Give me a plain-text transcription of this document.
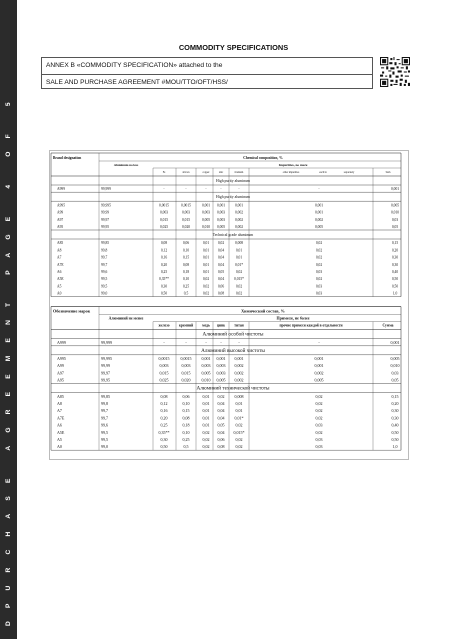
DPURCHASE AGREEMENT PAGE 4 OF 5
COMMODITY SPECIFICATIONS
ANNEX B «COMMODITY SPECIFICATION» attached to the
SALE AND PURCHASE AGREEMENT #MOU/TTO/OFT/HSS/
Brand designation	Chemical composition, %
Aluminum no less	Impurities, no more
Fe	silicon	copper	zinc	titanium	other impurities	each in	separately	Sum
High purity aluminum
A999	99,999	-	-	-	-	-	-	0,001
High purity aluminum
A995	99,995	0,0015	0,0015	0,001 0,001	0,001	0,001	0,005
A99	99,99	0,003	0,003	0,003 0,003	0,002	0,001	0,010
A97	99,97	0,015	0,015	0,005 0,003	0,002	0,002	0,03
A95	99,95	0,025	0,020	0,010 0,005	0,002	0,005	0,05
Technical grade aluminum
A85	99,85	0,08	0,06	0,01 0,02	0,008	0,02	0,15
A8	99,8	0,12	0,10	0,01 0,04	0,01	0,02	0,20
A7	99,7	0,16	0,15	0,01 0,04	0,01	0,02	0,30
A7E	99,7	0,20	0,08	0,01 0,04	0,01*	0,02	0,30
A6	99,6	0,25	0,18	0,01 0,05	0,02	0,03	0,40
A5E	99,5	0,35**	0,10	0,02 0,04	0,015*	0,02	0,50
A5	99,5	0,30	0,25	0,02 0,06	0,02	0,03	0,50
A0	99,0	0,50	0,5	0,02 0,08	0,02	0,03	1,0
Обозначение марок	Химический состав, %
Алюминий не менее	Примеси, не более
железо	кремний медь цинк	титан	прочие примеси каждой в отдельности	Сумма
Алюминий особой чистоты
A999	99,999	-	-	-	-	-	-	0,001
Алюминий высокой чистоты
A995	99,995	0,0015	0,0015	0,001 0,001 0,001	0,001	0,005
A99	99,99	0,003	0,003	0,003 0,003 0,002	0,001	0,010
A97	99,97	0,015	0,015	0,005 0,003 0,002	0,002	0,03
A95	99,95	0,025	0,020	0,010 0,005 0,002	0,005	0,05
Алюминий технической чистоты
A85	99,85	0,08	0,06	0,01 0,02	0,008	0,02	0,15
A8	99,8	0,12	0,10	0,01 0,04	0,01	0,02	0,20
A7	99,7	0,16	0,15	0,01 0,04	0,01	0,02	0,30
A7E	99,7	0,20	0,08	0,01 0,04	0,01*	0,02	0,30
A6	99,6	0,25	0,18	0,01 0,05	0,02	0,03	0,40
A5E	99,5	0,35**	0,10	0,02 0,04 0,015*	0,02	0,50
A5	99,5	0,30	0,25	0,02 0,06	0,02	0,03	0,50
A0	99,0	0,50	0,5	0,02 0,08	0,02	0,03	1,0
